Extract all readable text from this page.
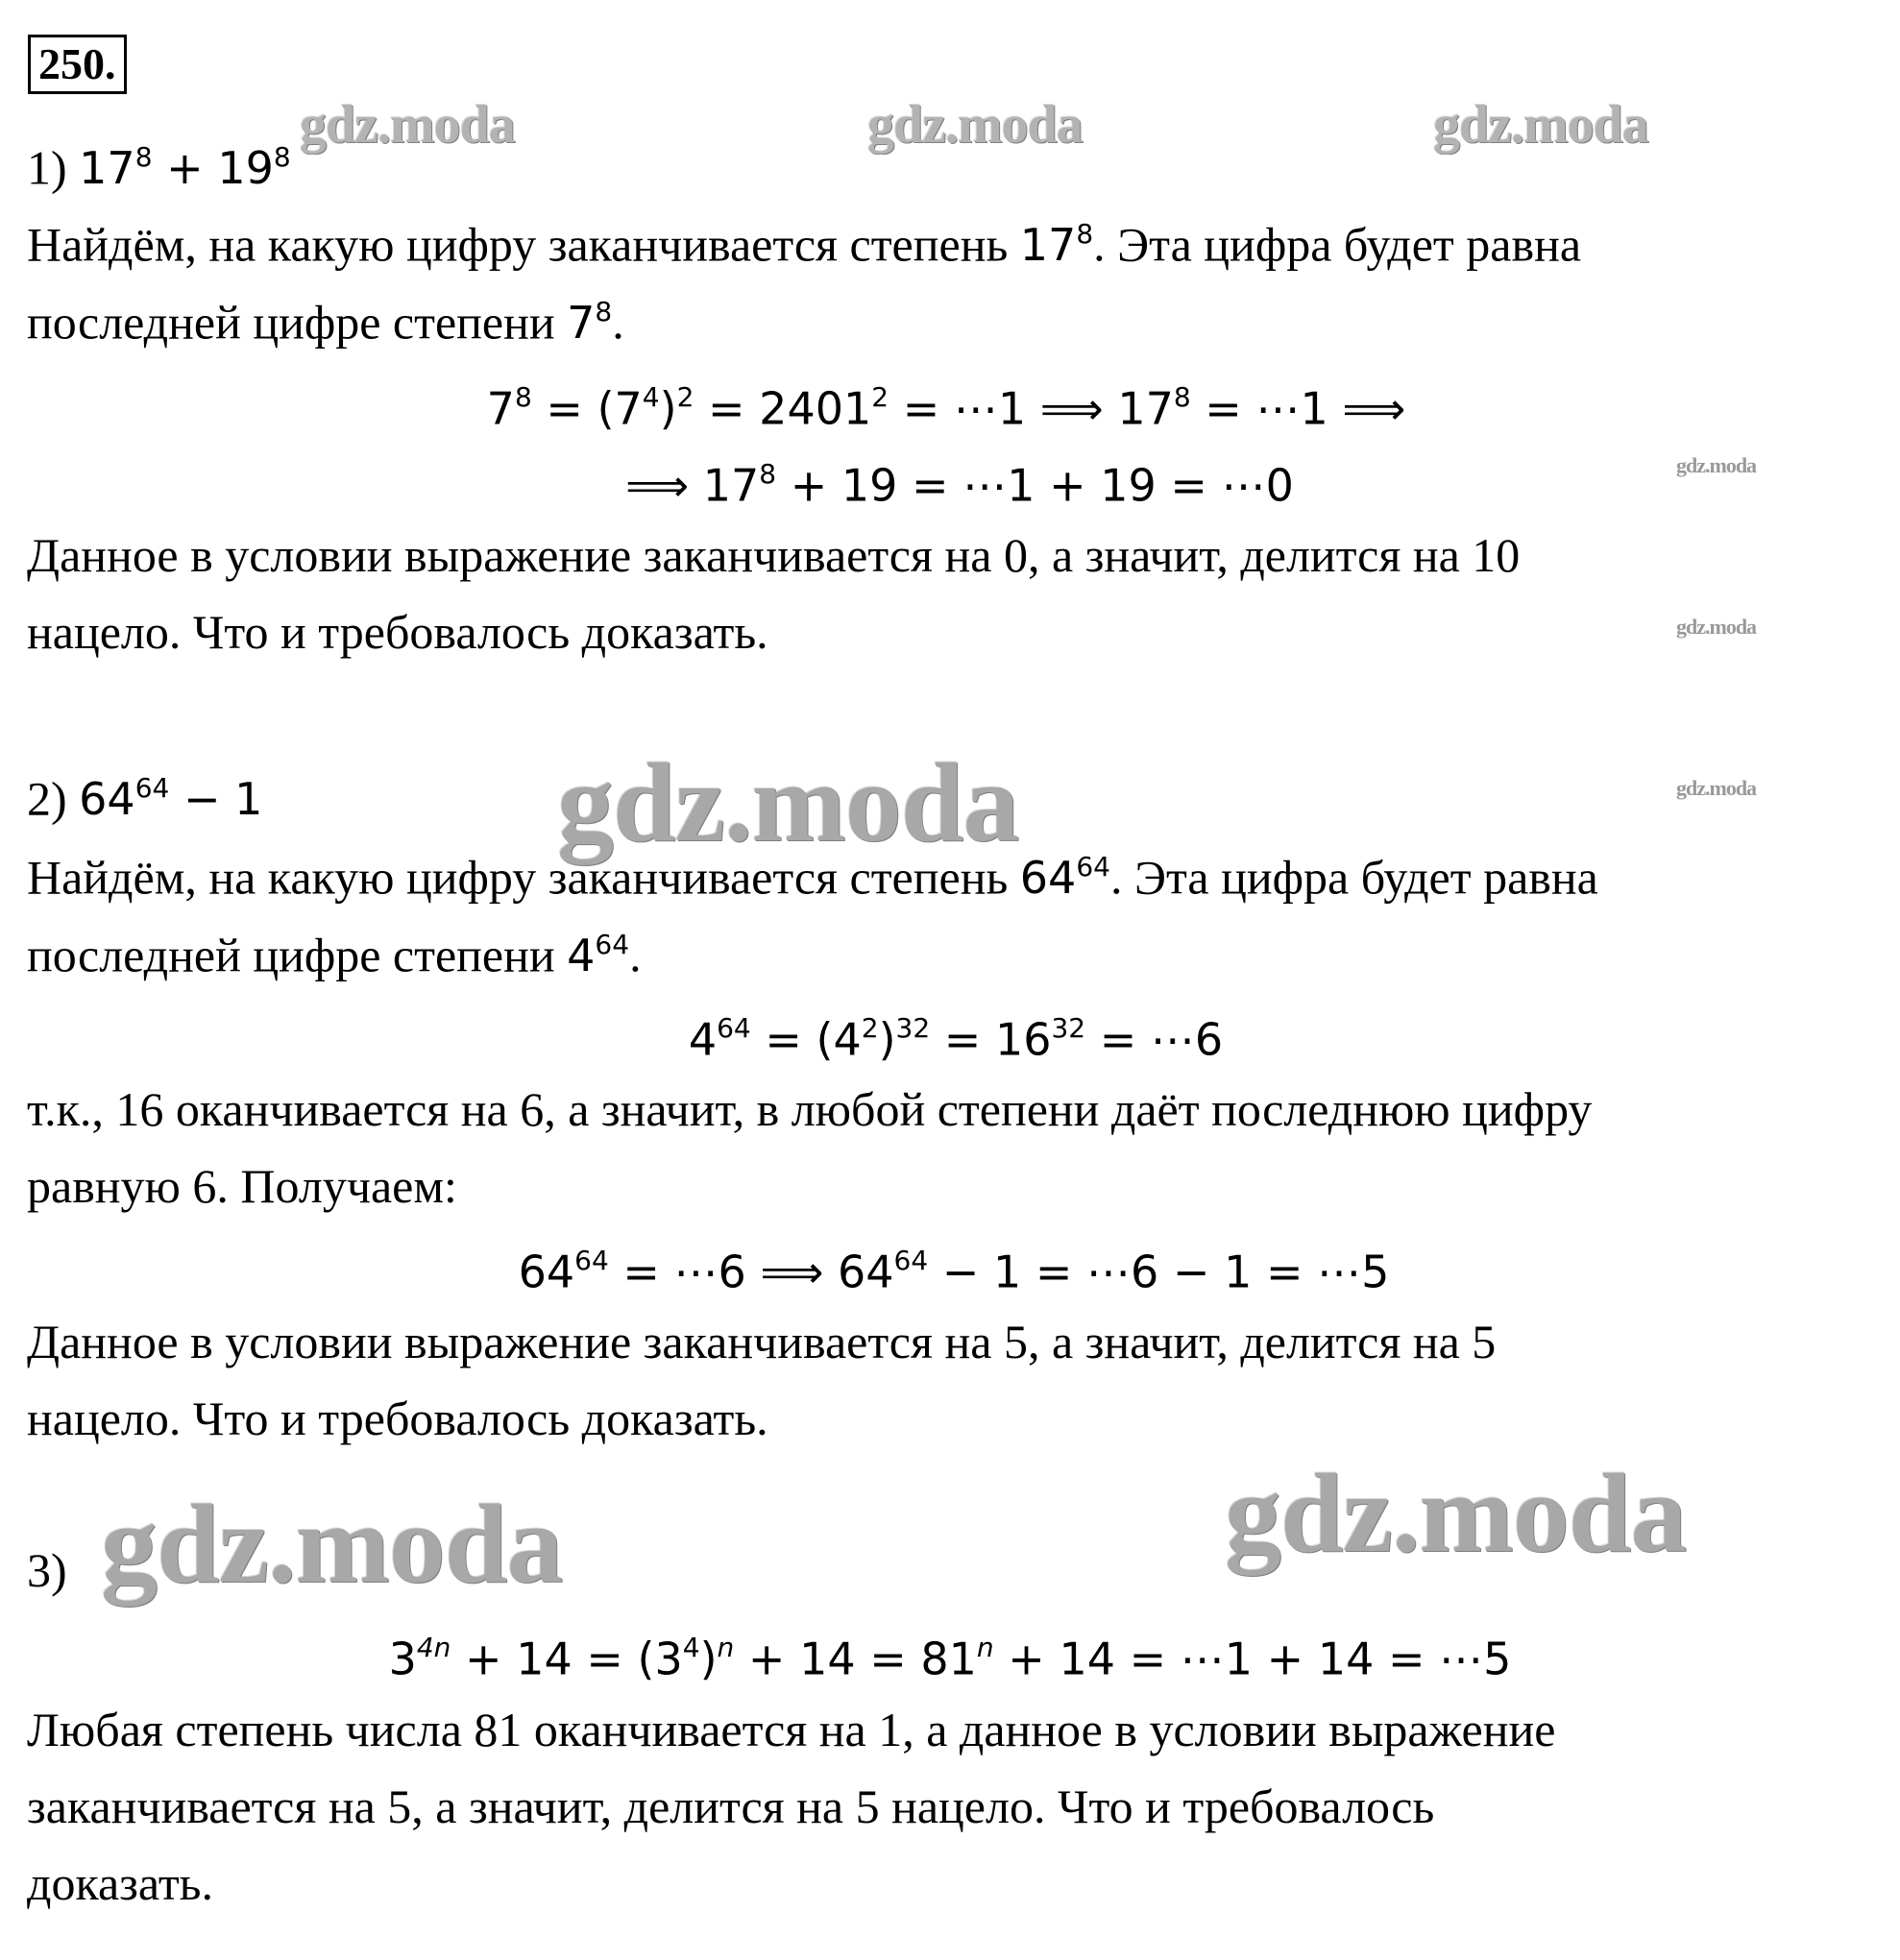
250.
gdz.moda	gdz.moda	gdz.moda
gdz.moda
gdz.moda
gdz.moda
gdz.moda
gdz.moda	gdz.moda
1) $17^8 + 19^8$
Найдём, на какую цифру заканчивается степень $17^8$. Эта цифра будет равна
последней цифре степени $7^8$.
$7^8 = (7^4)^2 = 2401^2$ = ⋯1 ⟹ $17^8$ = ⋯1 ⟹
⟹ $17^8 + 19$ = ⋯1 + 19 = ⋯0
Данное в условии выражение заканчивается на 0, а значит, делится на 10
нацело. Что и требовалось доказать.
2) $64^{64} - 1$
Найдём, на какую цифру заканчивается степень $64^{64}$. Эта цифра будет равна
последней цифре степени $4^{64}$.
$4^{64} = (4^2)^{32} = 16^{32}$ = ⋯6
т.к., 16 оканчивается на 6, а значит, в любой степени даёт последнюю цифру
равную 6. Получаем:
$64^{64}$ = ⋯6 ⟹ $64^{64} - 1$ = ⋯6 − 1 = ⋯5
Данное в условии выражение заканчивается на 5, а значит, делится на 5
нацело. Что и требовалось доказать.
3)
$3^{4n} + 14 = (3^4)^n + 14 = 81^n + 14$ = ⋯1 + 14 = ⋯5
Любая степень числа 81 оканчивается на 1, а данное в условии выражение
заканчивается на 5, а значит, делится на 5 нацело. Что и требовалось
доказать.
